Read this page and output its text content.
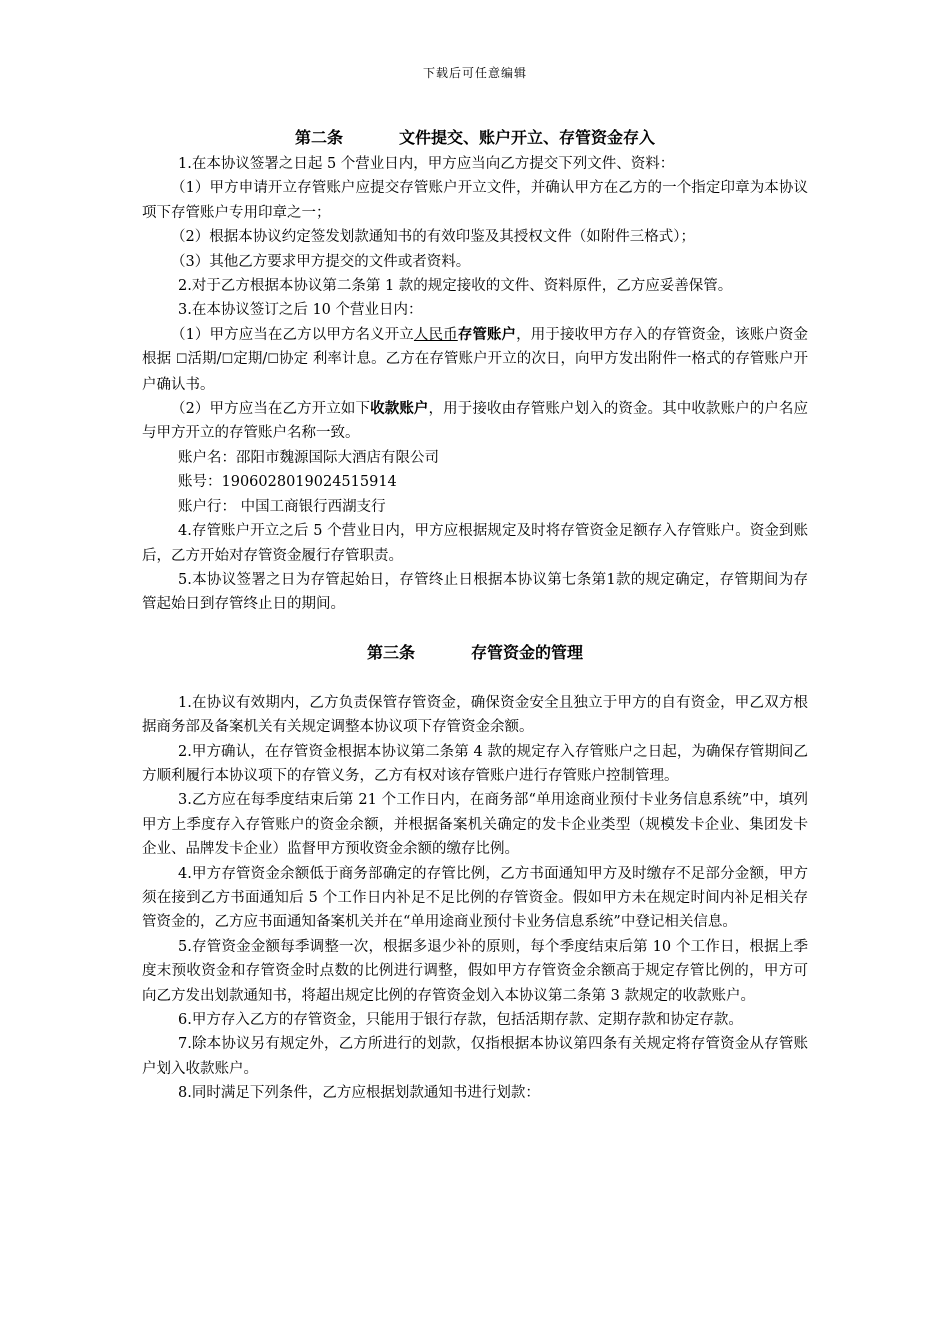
下载后可任意编辑

第二条	文件提交、账户开立、存管资金存入

1.在本协议签署之日起 5 个营业日内，甲方应当向乙方提交下列文件、资料：

（1）甲方申请开立存管账户应提交存管账户开立文件，并确认甲方在乙方的一个指定印章为本协议项下存管账户专用印章之一；

（2）根据本协议约定签发划款通知书的有效印鉴及其授权文件（如附件三格式）；

（3）其他乙方要求甲方提交的文件或者资料。

2.对于乙方根据本协议第二条第 1 款的规定接收的文件、资料原件，乙方应妥善保管。

3.在本协议签订之后 10 个营业日内：

（1）甲方应当在乙方以甲方名义开立人民币存管账户，用于接收甲方存入的存管资金，该账户资金根据 ☐活期/☐定期/☐协定 利率计息。乙方在存管账户开立的次日，向甲方发出附件一格式的存管账户开户确认书。

（2）甲方应当在乙方开立如下收款账户，用于接收由存管账户划入的资金。其中收款账户的户名应与甲方开立的存管账户名称一致。

账户名：邵阳市魏源国际大酒店有限公司

账号：1906028019024515914

账户行： 中国工商银行西湖支行

4.存管账户开立之后 5 个营业日内，甲方应根据规定及时将存管资金足额存入存管账户。资金到账后，乙方开始对存管资金履行存管职责。

5.本协议签署之日为存管起始日，存管终止日根据本协议第七条第1款的规定确定，存管期间为存管起始日到存管终止日的期间。

第三条	存管资金的管理

1.在协议有效期内，乙方负责保管存管资金，确保资金安全且独立于甲方的自有资金，甲乙双方根据商务部及备案机关有关规定调整本协议项下存管资金余额。

2.甲方确认，在存管资金根据本协议第二条第 4 款的规定存入存管账户之日起，为确保存管期间乙方顺利履行本协议项下的存管义务，乙方有权对该存管账户进行存管账户控制管理。

3.乙方应在每季度结束后第 21 个工作日内，在商务部“单用途商业预付卡业务信息系统”中，填列甲方上季度存入存管账户的资金余额，并根据备案机关确定的发卡企业类型（规模发卡企业、集团发卡企业、品牌发卡企业）监督甲方预收资金余额的缴存比例。

4.甲方存管资金余额低于商务部确定的存管比例，乙方书面通知甲方及时缴存不足部分金额，甲方须在接到乙方书面通知后 5 个工作日内补足不足比例的存管资金。假如甲方未在规定时间内补足相关存管资金的，乙方应书面通知备案机关并在“单用途商业预付卡业务信息系统”中登记相关信息。

5.存管资金金额每季调整一次，根据多退少补的原则，每个季度结束后第 10 个工作日，根据上季度末预收资金和存管资金时点数的比例进行调整，假如甲方存管资金余额高于规定存管比例的，甲方可向乙方发出划款通知书，将超出规定比例的存管资金划入本协议第二条第 3 款规定的收款账户。

6.甲方存入乙方的存管资金，只能用于银行存款，包括活期存款、定期存款和协定存款。

7.除本协议另有规定外，乙方所进行的划款，仅指根据本协议第四条有关规定将存管资金从存管账户划入收款账户。

8.同时满足下列条件，乙方应根据划款通知书进行划款：
